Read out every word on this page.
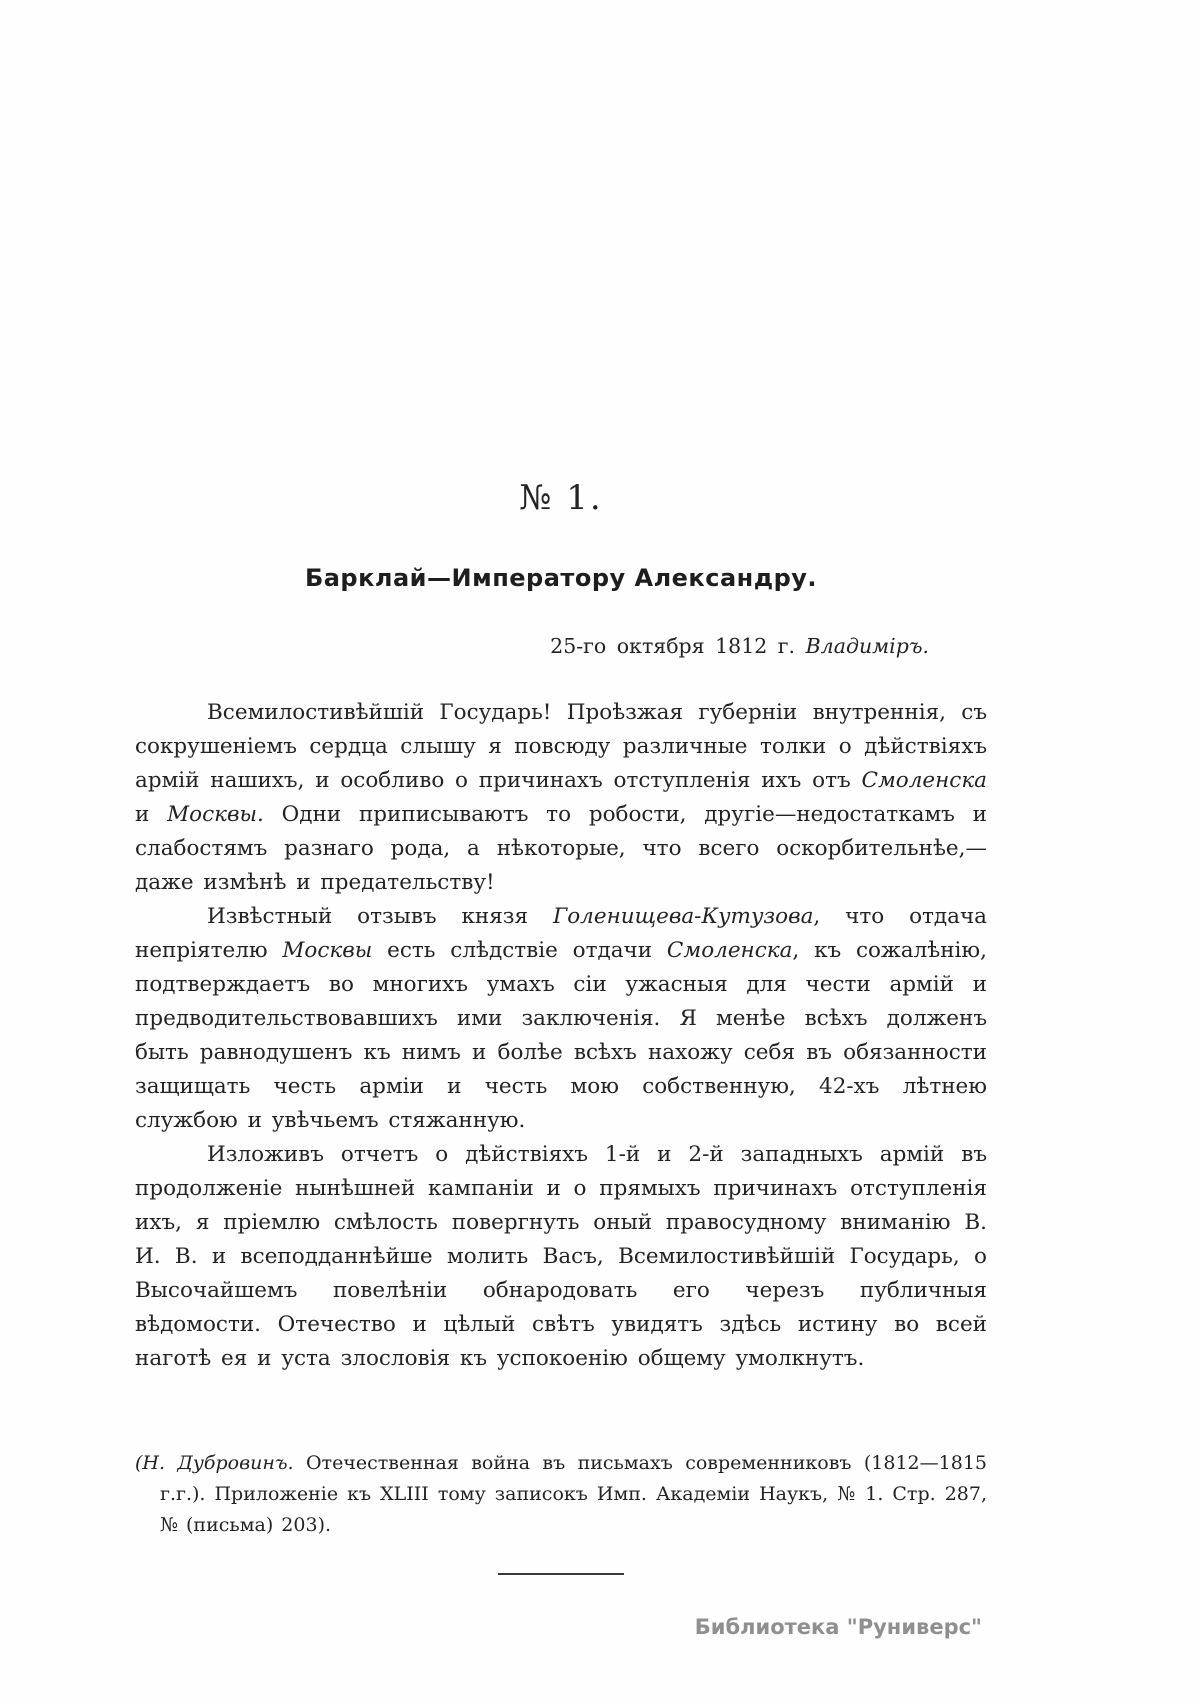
№ 1.
Барклай—Императору Александру.
25-го октября 1812 г. Владиміръ.

Всемилостивѣйшій Государь! Проѣзжая губерніи внутреннія, съ сокрушеніемъ сердца слышу я повсюду различные толки о дѣйствіяхъ армій нашихъ, и особливо о причинахъ отступленія ихъ отъ Смоленска и Москвы. Одни приписываютъ то робости, другіе—недостаткамъ и слабостямъ разнаго рода, а нѣкоторые, что всего оскорбительнѣе,—даже измѣнѣ и предательству!

Извѣстный отзывъ князя Голенищева-Кутузова, что отдача непріятелю Москвы есть слѣдствіе отдачи Смоленска, къ сожалѣнію, подтверждаетъ во многихъ умахъ сіи ужасныя для чести армій и предводительствовавшихъ ими заключенія. Я менѣе всѣхъ долженъ быть равнодушенъ къ нимъ и болѣе всѣхъ нахожу себя въ обязанности защищать честь арміи и честь мою собственную, 42-хъ лѣтнею службою и увѣчьемъ стяжанную.

Изложивъ отчетъ о дѣйствіяхъ 1-й и 2-й западныхъ армій въ продолженіе нынѣшней кампаніи и о прямыхъ причинахъ отступленія ихъ, я пріемлю смѣлость повергнуть оный правосудному вниманію В. И. В. и всеподданнѣйше молить Васъ, Всемилостивѣйшій Государь, о Высочайшемъ повелѣніи обнародовать его черезъ публичныя вѣдомости. Отечество и цѣлый свѣтъ увидятъ здѣсь истину во всей наготѣ ея и уста злословія къ успокоенію общему умолкнутъ.

(Н. Дубровинъ. Отечественная война въ письмахъ современниковъ (1812—1815 г.г.). Приложеніе къ XLIII тому записокъ Имп. Академіи Наукъ, № 1. Стр. 287, № (письма) 203).
Библиотека "Руниверс"
